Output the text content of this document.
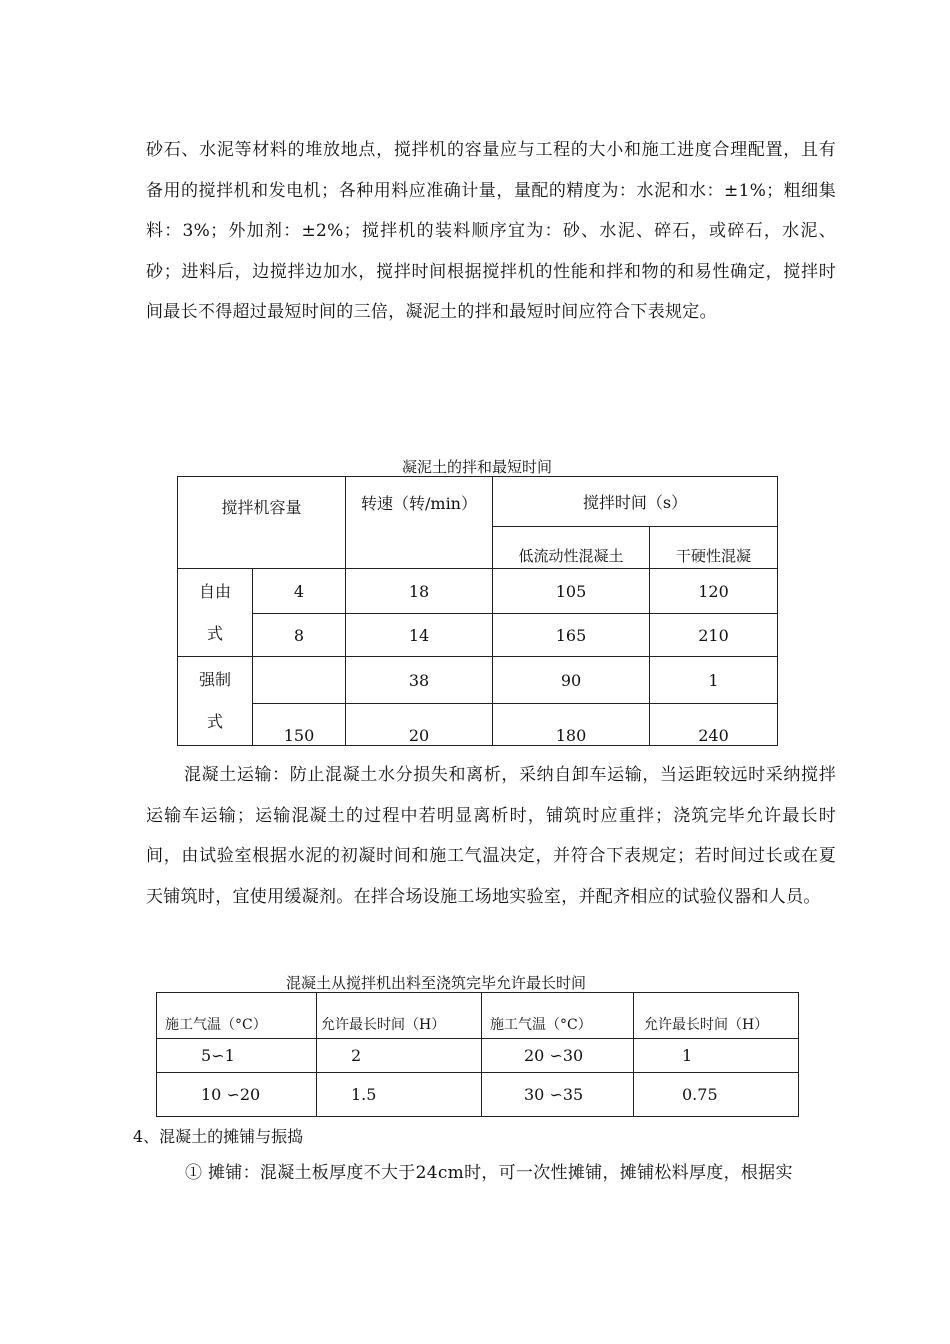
砂石、水泥等材料的堆放地点，搅拌机的容量应与工程的大小和施工进度合理配置，且有备用的搅拌机和发电机；各种用料应准确计量，量配的精度为：水泥和水：±1%；粗细集料：3%；外加剂：±2%；搅拌机的装料顺序宜为：砂、水泥、碎石，或碎石，水泥、砂；进料后，边搅拌边加水，搅拌时间根据搅拌机的性能和拌和物的和易性确定，搅拌时间最长不得超过最短时间的三倍，凝泥土的拌和最短时间应符合下表规定。
凝泥土的拌和最短时间
搅拌机容量		转速（转/min）	搅拌时间（s）	
			低流动性混凝土	干硬性混凝
自由
式	4	18	105	120
	8	14	165	210
强制
式		38	90	1
	150	20	180	240
混凝土运输：防止混凝土水分损失和离析，采纳自卸车运输，当运距较远时采纳搅拌运输车运输；运输混凝土的过程中若明显离析时，铺筑时应重拌；浇筑完毕允许最长时间，由试验室根据水泥的初凝时间和施工气温决定，并符合下表规定；若时间过长或在夏天铺筑时，宜使用缓凝剂。在拌合场设施工场地实验室，并配齐相应的试验仪器和人员。
混凝土从搅拌机出料至浇筑完毕允许最长时间
施工气温（°C）	允许最长时间（H）	施工气温（°C）	允许最长时间（H）
5∽1	2	20 ∽30	1
10 ∽20	1.5	30 ∽35	0.75
4、混凝土的摊铺与振捣
① 摊铺：混凝土板厚度不大于24cm时，可一次性摊铺，摊铺松料厚度，根据实
